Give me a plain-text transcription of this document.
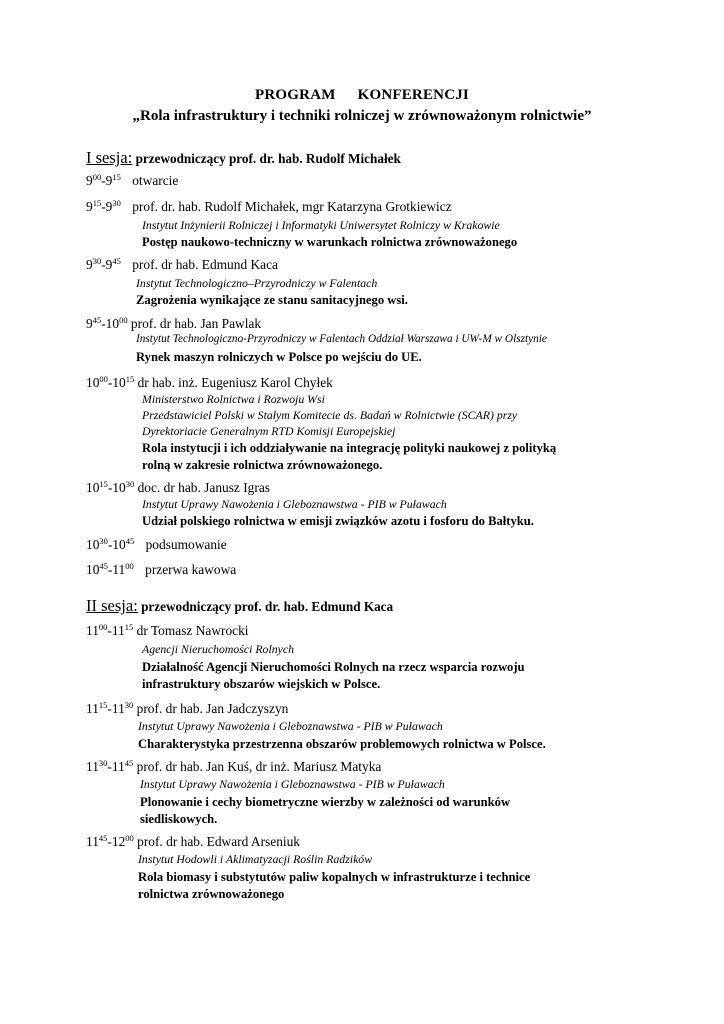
PROGRAM KONFERENCJI
„Rola infrastruktury i techniki rolniczej w zrównoważonym rolnictwie”
I sesja: przewodniczący prof. dr. hab. Rudolf Michałek
$9^{00}-9^{15}$ otwarcie
$9^{15}-9^{30}$ prof. dr. hab. Rudolf Michałek, mgr Katarzyna Grotkiewicz
Instytut Inżynierii Rolniczej i Informatyki Uniwersytet Rolniczy w Krakowie
Postęp naukowo-techniczny w warunkach rolnictwa zrównoważonego
$9^{30}-9^{45}$ prof. dr hab. Edmund Kaca
Instytut Technologiczno–Przyrodniczy w Falentach
Zagrożenia wynikające ze stanu sanitacyjnego wsi.
$9^{45}-10^{00}$ prof. dr hab. Jan Pawlak
Instytut Technologiczno-Przyrodniczy w Falentach Oddział Warszawa i UW-M w Olsztynie
Rynek maszyn rolniczych w Polsce po wejściu do UE.
$10^{00}-10^{15}$ dr hab. inż. Eugeniusz Karol Chyłek
Ministerstwo Rolnictwa i Rozwoju Wsi
Przedstawiciel Polski w Stałym Komitecie ds. Badań w Rolnictwie (SCAR) przy
Dyrektoriacie Generalnym RTD Komisji Europejskiej
Rola instytucji i ich oddziaływanie na integrację polityki naukowej z polityką
rolną w zakresie rolnictwa zrównoważonego.
$10^{15}-10^{30}$ doc. dr hab. Janusz Igras
Instytut Uprawy Nawożenia i Gleboznawstwa - PIB w Puławach
Udział polskiego rolnictwa w emisji związków azotu i fosforu do Bałtyku.
$10^{30}-10^{45}$ podsumowanie
$10^{45}-11^{00}$ przerwa kawowa
II sesja: przewodniczący prof. dr. hab. Edmund Kaca
$11^{00}-11^{15}$ dr Tomasz Nawrocki
Agencji Nieruchomości Rolnych
Działalność Agencji Nieruchomości Rolnych na rzecz wsparcia rozwoju
infrastruktury obszarów wiejskich w Polsce.
$11^{15}-11^{30}$ prof. dr hab. Jan Jadczyszyn
Instytut Uprawy Nawożenia i Gleboznawstwa - PIB w Puławach
Charakterystyka przestrzenna obszarów problemowych rolnictwa w Polsce.
$11^{30}-11^{45}$ prof. dr hab. Jan Kuś, dr inż. Mariusz Matyka
Instytut Uprawy Nawożenia i Gleboznawstwa - PIB w Puławach
Plonowanie i cechy biometryczne wierzby w zależności od warunków
siedliskowych.
$11^{45}-12^{00}$ prof. dr hab. Edward Arseniuk
Instytut Hodowli i Aklimatyzacji Roślin Radzików
Rola biomasy i substytutów paliw kopalnych w infrastrukturze i technice
rolnictwa zrównoważonego
